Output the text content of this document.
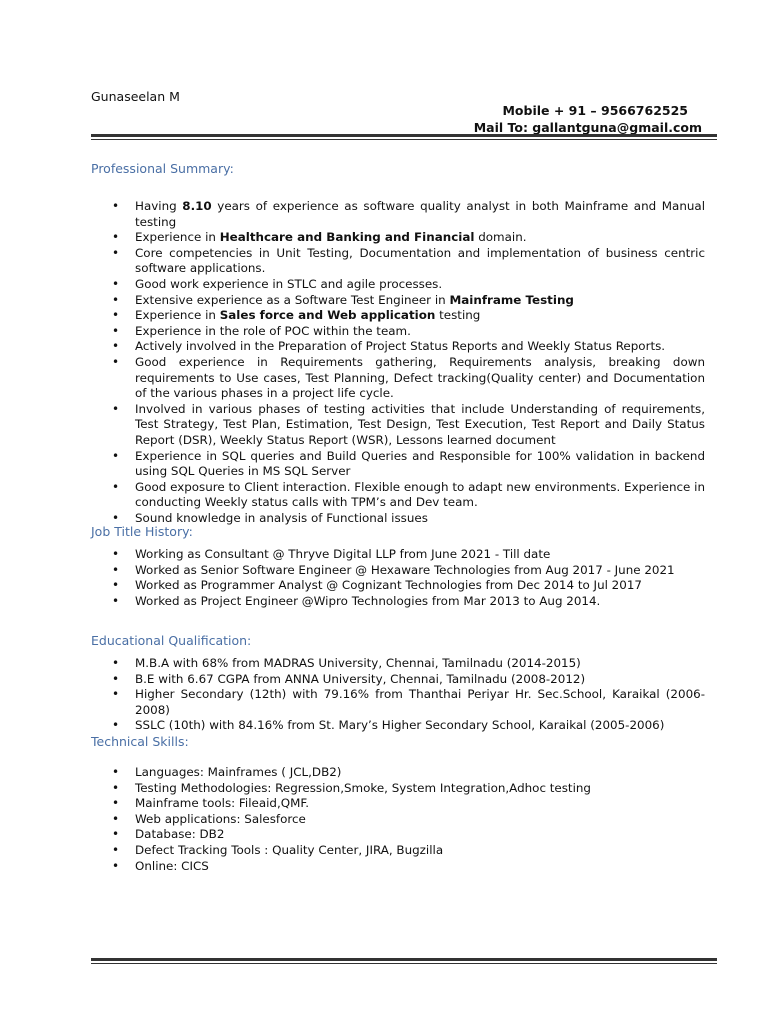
Gunaseelan M
Mobile + 91 – 9566762525
Mail To: gallantguna@gmail.com
Professional Summary:
• Having 8.10 years of experience as software quality analyst in both Mainframe and Manual testing
• Experience in Healthcare and Banking and Financial domain.
• Core competencies in Unit Testing, Documentation and implementation of business centric software applications.
• Good work experience in STLC and agile processes.
• Extensive experience as a Software Test Engineer in Mainframe Testing
• Experience in Sales force and Web application testing
• Experience in the role of POC within the team.
• Actively involved in the Preparation of Project Status Reports and Weekly Status Reports.
• Good experience in Requirements gathering, Requirements analysis, breaking down requirements to Use cases, Test Planning, Defect tracking(Quality center) and Documentation of the various phases in a project life cycle.
• Involved in various phases of testing activities that include Understanding of requirements, Test Strategy, Test Plan, Estimation, Test Design, Test Execution, Test Report and Daily Status Report (DSR), Weekly Status Report (WSR), Lessons learned document
• Experience in SQL queries and Build Queries and Responsible for 100% validation in backend using SQL Queries in MS SQL Server
• Good exposure to Client interaction. Flexible enough to adapt new environments. Experience in conducting Weekly status calls with TPM’s and Dev team.
• Sound knowledge in analysis of Functional issues
Job Title History:
• Working as Consultant @ Thryve Digital LLP from June 2021 - Till date
• Worked as Senior Software Engineer @ Hexaware Technologies from Aug 2017 - June 2021
• Worked as Programmer Analyst @ Cognizant Technologies from Dec 2014 to Jul 2017
• Worked as Project Engineer @Wipro Technologies from Mar 2013 to Aug 2014.
Educational Qualification:
• M.B.A with 68% from MADRAS University, Chennai, Tamilnadu (2014-2015)
• B.E with 6.67 CGPA from ANNA University, Chennai, Tamilnadu (2008-2012)
• Higher Secondary (12th) with 79.16% from Thanthai Periyar Hr. Sec.School, Karaikal (2006-2008)
• SSLC (10th) with 84.16% from St. Mary’s Higher Secondary School, Karaikal (2005-2006)
Technical Skills:
• Languages: Mainframes ( JCL,DB2)
• Testing Methodologies: Regression,Smoke, System Integration,Adhoc testing
• Mainframe tools: Fileaid,QMF.
• Web applications: Salesforce
• Database: DB2
• Defect Tracking Tools : Quality Center, JIRA, Bugzilla
• Online: CICS
